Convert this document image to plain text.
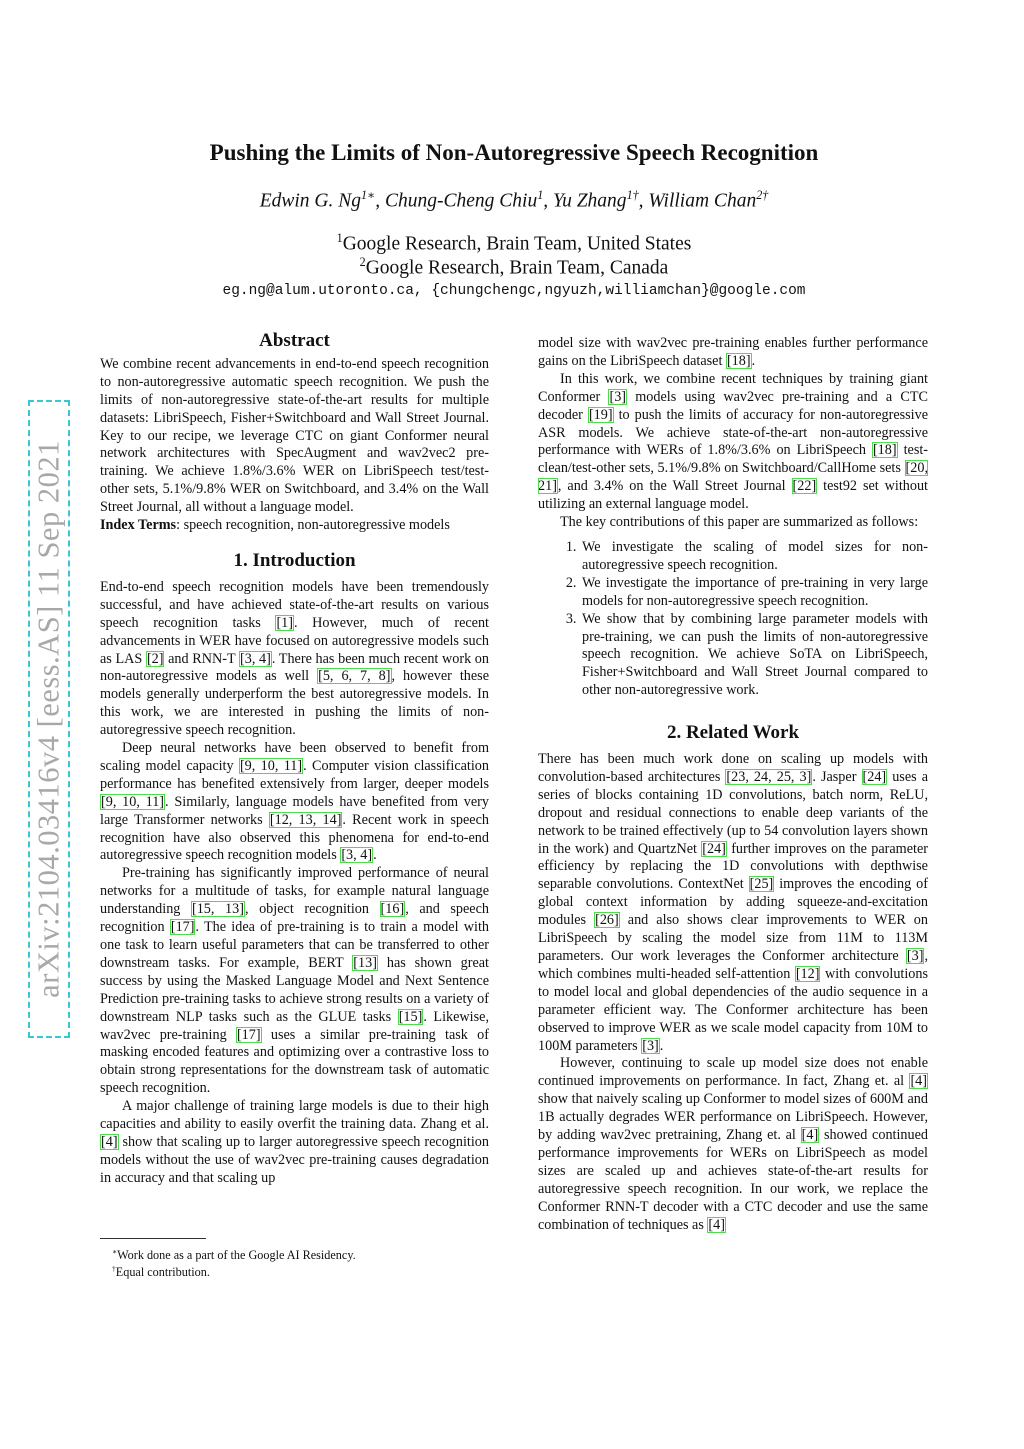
arXiv:2104.03416v4 [eess.AS] 11 Sep 2021
Pushing the Limits of Non-Autoregressive Speech Recognition
Edwin G. $Ng^{1∗}$, Chung-Cheng Chiu$^1$, Yu Zhang$^{1\dagger}$, William Chan$^{2\dagger}$
$^1$Google Research, Brain Team, United States
$^2$Google Research, Brain Team, Canada
eg.ng@alum.utoronto.ca, {chungchengc,ngyuzh,williamchan}@google.com
Abstract

We combine recent advancements in end-to-end speech recognition to non-autoregressive automatic speech recognition. We push the limits of non-autoregressive state-of-the-art results for multiple datasets: LibriSpeech, Fisher+Switchboard and Wall Street Journal. Key to our recipe, we leverage CTC on giant Conformer neural network architectures with SpecAugment and wav2vec2 pre-training. We achieve 1.8%/3.6% WER on LibriSpeech test/test-other sets, 5.1%/9.8% WER on Switchboard, and 3.4% on the Wall Street Journal, all without a language model.

Index Terms: speech recognition, non-autoregressive models

1. Introduction

End-to-end speech recognition models have been tremendously successful, and have achieved state-of-the-art results on various speech recognition tasks [1]. However, much of recent advancements in WER have focused on autoregressive models such as LAS [2] and RNN-T [3, 4]. There has been much recent work on non-autoregressive models as well [5, 6, 7, 8], however these models generally underperform the best autoregressive models. In this work, we are interested in pushing the limits of non-autoregressive speech recognition.

Deep neural networks have been observed to benefit from scaling model capacity [9, 10, 11]. Computer vision classification performance has benefited extensively from larger, deeper models [9, 10, 11]. Similarly, language models have benefited from very large Transformer networks [12, 13, 14]. Recent work in speech recognition have also observed this phenomena for end-to-end autoregressive speech recognition models [3, 4].

Pre-training has significantly improved performance of neural networks for a multitude of tasks, for example natural language understanding [15, 13], object recognition [16], and speech recognition [17]. The idea of pre-training is to train a model with one task to learn useful parameters that can be transferred to other downstream tasks. For example, BERT [13] has shown great success by using the Masked Language Model and Next Sentence Prediction pre-training tasks to achieve strong results on a variety of downstream NLP tasks such as the GLUE tasks [15]. Likewise, wav2vec pre-training [17] uses a similar pre-training task of masking encoded features and optimizing over a contrastive loss to obtain strong representations for the downstream task of automatic speech recognition.

A major challenge of training large models is due to their high capacities and ability to easily overfit the training data. Zhang et al. [4] show that scaling up to larger autoregressive speech recognition models without the use of wav2vec pre-training causes degradation in accuracy and that scaling up

∗Work done as a part of the Google AI Residency.
†Equal contribution.

model size with wav2vec pre-training enables further performance gains on the LibriSpeech dataset [18].

In this work, we combine recent techniques by training giant Conformer [3] models using wav2vec pre-training and a CTC decoder [19] to push the limits of accuracy for non-autoregressive ASR models. We achieve state-of-the-art non-autoregressive performance with WERs of 1.8%/3.6% on LibriSpeech [18] test-clean/test-other sets, 5.1%/9.8% on Switchboard/CallHome sets [20, 21], and 3.4% on the Wall Street Journal [22] test92 set without utilizing an external language model.

The key contributions of this paper are summarized as follows:

1. We investigate the scaling of model sizes for non-autoregressive speech recognition.
2. We investigate the importance of pre-training in very large models for non-autoregressive speech recognition.
3. We show that by combining large parameter models with pre-training, we can push the limits of non-autoregressive speech recognition. We achieve SoTA on LibriSpeech, Fisher+Switchboard and Wall Street Journal compared to other non-autoregressive work.
2. Related Work

There has been much work done on scaling up models with convolution-based architectures [23, 24, 25, 3]. Jasper [24] uses a series of blocks containing 1D convolutions, batch norm, ReLU, dropout and residual connections to enable deep variants of the network to be trained effectively (up to 54 convolution layers shown in the work) and QuartzNet [24] further improves on the parameter efficiency by replacing the 1D convolutions with depthwise separable convolutions. ContextNet [25] improves the encoding of global context information by adding squeeze-and-excitation modules [26] and also shows clear improvements to WER on LibriSpeech by scaling the model size from 11M to 113M parameters. Our work leverages the Conformer architecture [3], which combines multi-headed self-attention [12] with convolutions to model local and global dependencies of the audio sequence in a parameter efficient way. The Conformer architecture has been observed to improve WER as we scale model capacity from 10M to 100M parameters [3].

However, continuing to scale up model size does not enable continued improvements on performance. In fact, Zhang et. al [4] show that naively scaling up Conformer to model sizes of 600M and 1B actually degrades WER performance on LibriSpeech. However, by adding wav2vec pretraining, Zhang et. al [4] showed continued performance improvements for WERs on LibriSpeech as model sizes are scaled up and achieves state-of-the-art results for autoregressive speech recognition. In our work, we replace the Conformer RNN-T decoder with a CTC decoder and use the same combination of techniques as [4]
